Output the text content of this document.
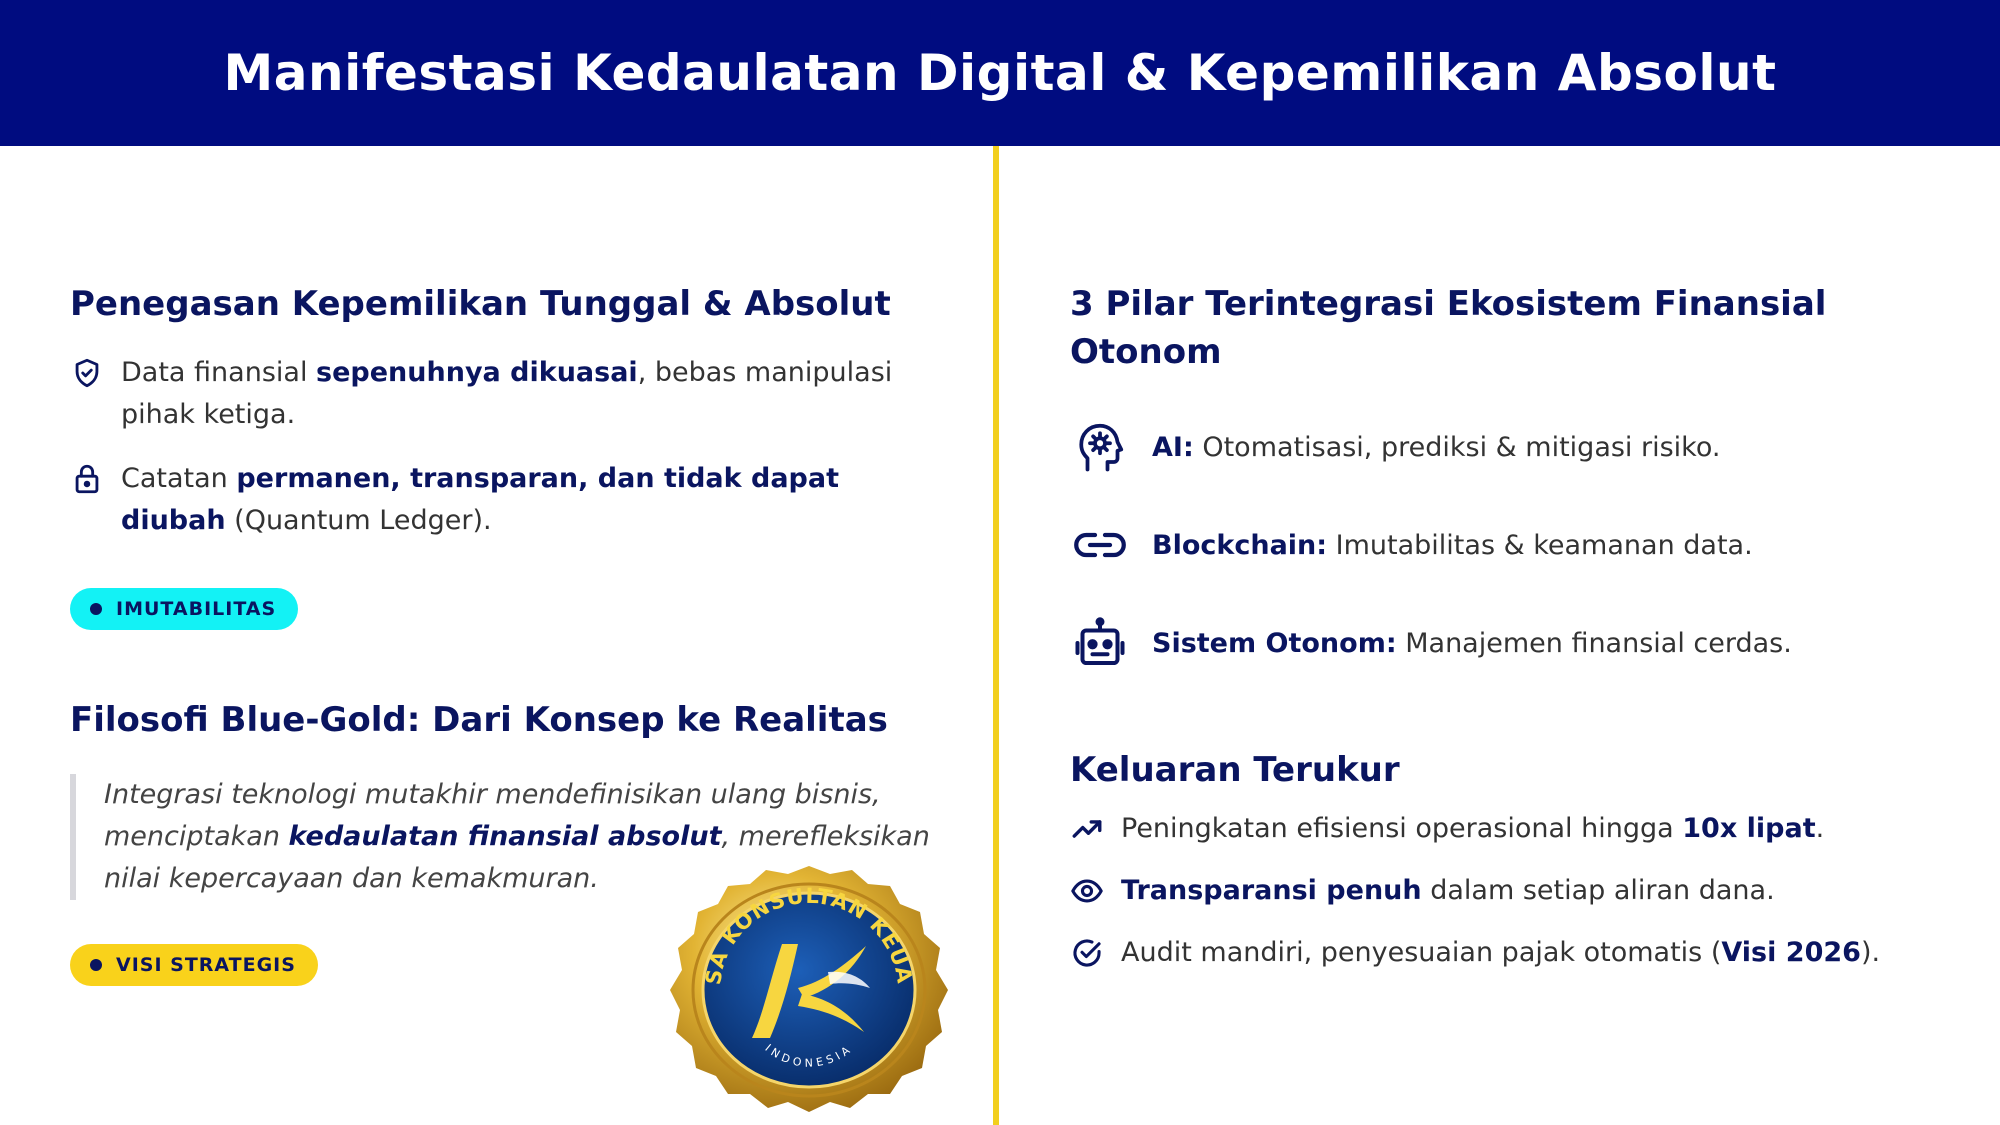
Manifestasi Kedaulatan Digital & Kepemilikan Absolut
Penegasan Kepemilikan Tunggal & Absolut
Data finansial sepenuhnya dikuasai, bebas manipulasi pihak ketiga.
Catatan permanen, transparan, dan tidak dapat diubah (Quantum Ledger).
IMUTABILITAS
Filosofi Blue-Gold: Dari Konsep ke Realitas
Integrasi teknologi mutakhir mendefinisikan ulang bisnis, menciptakan kedaulatan finansial absolut, merefleksikan nilai kepercayaan dan kemakmuran.
VISI STRATEGIS
SA KONSULTAN KEUA
INDONESIA
3 Pilar Terintegrasi Ekosistem Finansial Otonom
AI: Otomatisasi, prediksi & mitigasi risiko.
Blockchain: Imutabilitas & keamanan data.
Sistem Otonom: Manajemen finansial cerdas.
Keluaran Terukur
Peningkatan efisiensi operasional hingga 10x lipat.
Transparansi penuh dalam setiap aliran dana.
Audit mandiri, penyesuaian pajak otomatis (Visi 2026).
